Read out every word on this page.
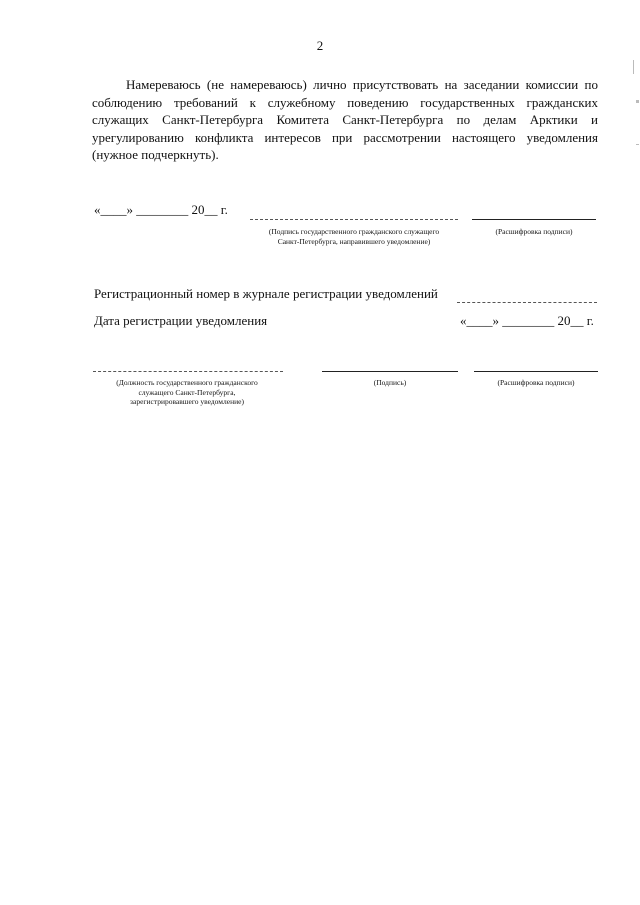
2

Намереваюсь (не намереваюсь) лично присутствовать на заседании комиссии по соблюдению требований к служебному поведению государственных гражданских служащих Санкт-Петербурга Комитета Санкт-Петербурга по делам Арктики и урегулированию конфликта интересов при рассмотрении настоящего уведомления (нужное подчеркнуть).

«____» ________ 20__ г.
(Подпись государственного гражданского служащего
Санкт-Петербурга, направившего уведомление)
(Расшифровка подписи)
Регистрационный номер в журнале регистрации уведомлений
Дата регистрации уведомления	«____» ________ 20__ г.
(Должность государственного гражданского
служащего Санкт-Петербурга,
зарегистрировавшего уведомление)
(Подпись)	(Расшифровка подписи)
